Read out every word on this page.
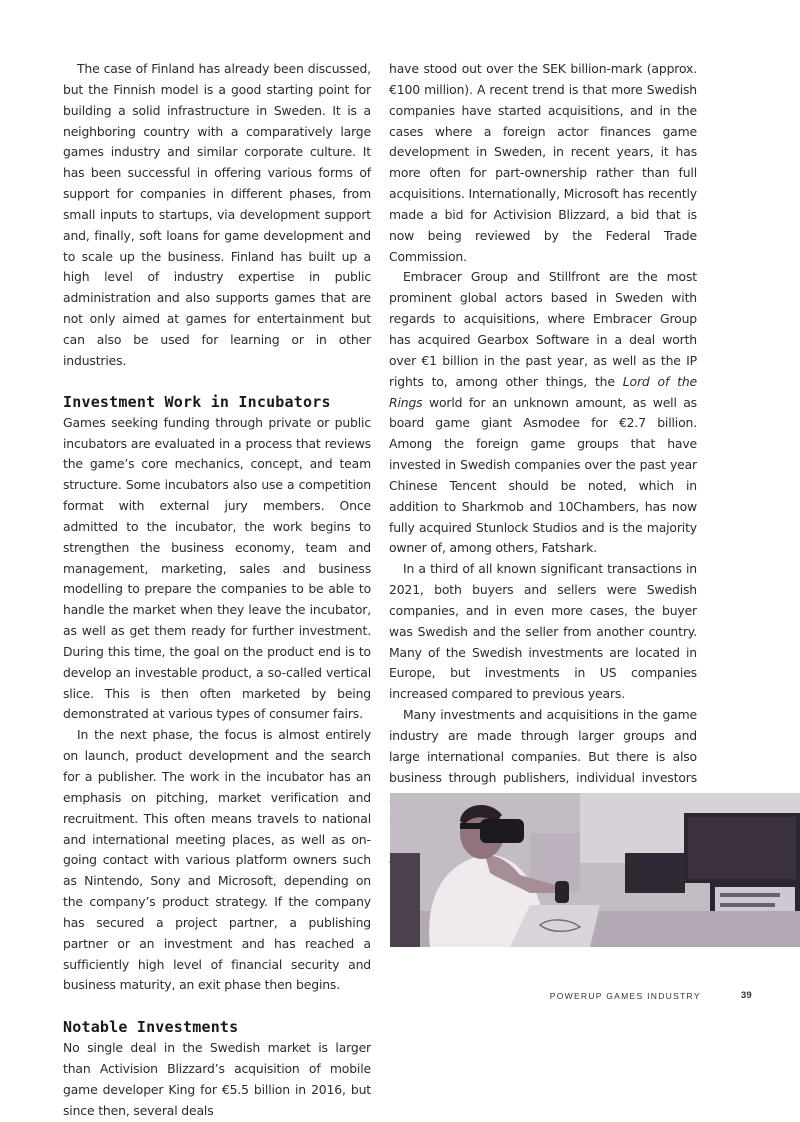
The case of Finland has already been discussed, but the Finnish model is a good starting point for building a solid infrastructure in Sweden. It is a neighboring country with a comparatively large games industry and similar corporate culture. It has been successful in offering various forms of support for companies in different phases, from small inputs to startups, via development support and, finally, soft loans for game development and to scale up the business. Finland has built up a high level of industry expertise in public administration and also supports games that are not only aimed at games for entertainment but can also be used for learning or in other industries.

Investment Work in Incubators

Games seeking funding through private or public incubators are evaluated in a process that reviews the game’s core mechanics, concept, and team structure. Some incubators also use a competition format with external jury members. Once admitted to the incubator, the work begins to strengthen the business economy, team and management, marketing, sales and business modelling to prepare the companies to be able to handle the market when they leave the incubator, as well as get them ready for further investment. During this time, the goal on the product end is to develop an investable product, a so-called vertical slice. This is then often marketed by being demonstrated at various types of consumer fairs.

In the next phase, the focus is almost entirely on launch, product development and the search for a publisher. The work in the incubator has an emphasis on pitching, market verification and recruitment. This often means travels to national and international meeting places, as well as ongoing contact with various platform owners such as Nintendo, Sony and Microsoft, depending on the company’s product strategy. If the company has secured a project partner, a publishing partner or an investment and has reached a sufficiently high level of financial security and business maturity, an exit phase then begins.

Notable Investments

No single deal in the Swedish market is larger than Activision Blizzard’s acquisition of mobile game developer King for €5.5 billion in 2016, but since then, several deals

have stood out over the SEK billion-mark (approx. €100 million). A recent trend is that more Swedish companies have started acquisitions, and in the cases where a foreign actor finances game development in Sweden, in recent years, it has more often for part-ownership rather than full acquisitions. Internationally, Microsoft has recently made a bid for Activision Blizzard, a bid that is now being reviewed by the Federal Trade Commission.

Embracer Group and Stillfront are the most prominent global actors based in Sweden with regards to acquisitions, where Embracer Group has acquired Gearbox Software in a deal worth over €1 billion in the past year, as well as the IP rights to, among other things, the Lord of the Rings world for an unknown amount, as well as board game giant Asmodee for €2.7 billion. Among the foreign game groups that have invested in Swedish companies over the past year Chinese Tencent should be noted, which in addition to Sharkmob and 10Chambers, has now fully acquired Stunlock Studios and is the majority owner of, among others, Fatshark.

In a third of all known significant transactions in 2021, both buyers and sellers were Swedish companies, and in even more cases, the buyer was Swedish and the seller from another country. Many of the Swedish investments are located in Europe, but investments in US companies increased compared to previous years.

Many investments and acquisitions in the game industry are made through larger groups and large international companies. But there is also business through publishers, individual investors

POWERUP GAMES INDUSTRY	39
